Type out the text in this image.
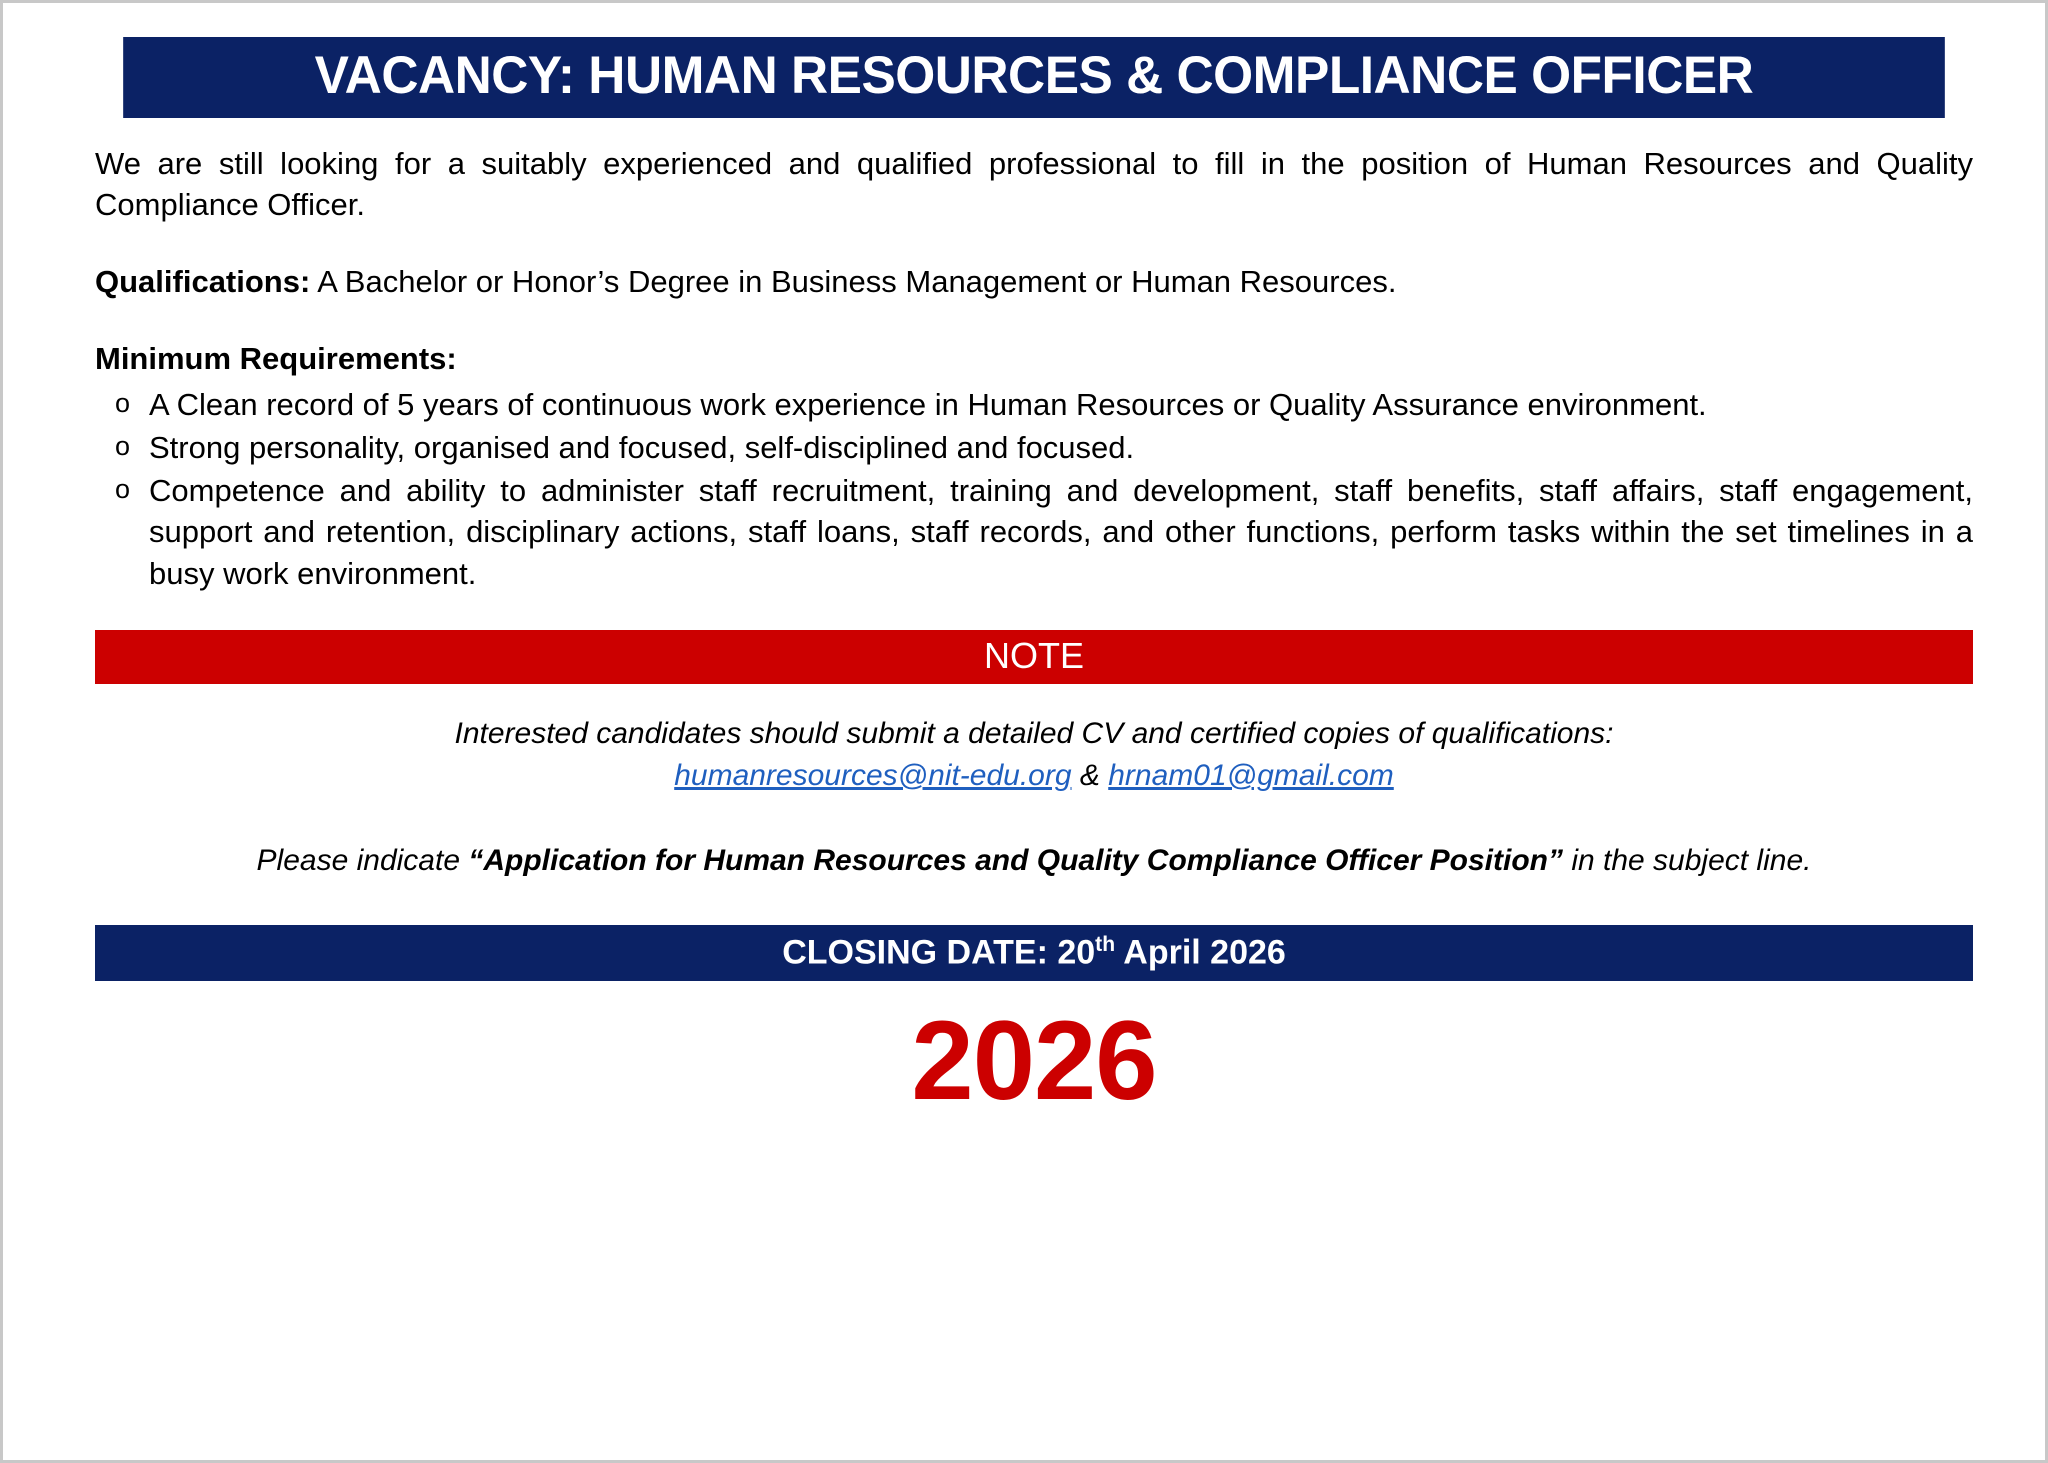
VACANCY: HUMAN RESOURCES & COMPLIANCE OFFICER

We are still looking for a suitably experienced and qualified professional to fill in the position of Human Resources and Quality Compliance Officer.

Qualifications: A Bachelor or Honor’s Degree in Business Management or Human Resources.

Minimum Requirements:
o A Clean record of 5 years of continuous work experience in Human Resources or Quality Assurance environment.
o Strong personality, organised and focused, self-disciplined and focused.
o Competence and ability to administer staff recruitment, training and development, staff benefits, staff affairs, staff engagement, support and retention, disciplinary actions, staff loans, staff records, and other functions, perform tasks within the set timelines in a busy work environment.
NOTE
Interested candidates should submit a detailed CV and certified copies of qualifications:
humanresources@nit-edu.org & hrnam01@gmail.com
Please indicate “Application for Human Resources and Quality Compliance Officer Position” in the subject line.
CLOSING DATE: 20th April 2026
2026
